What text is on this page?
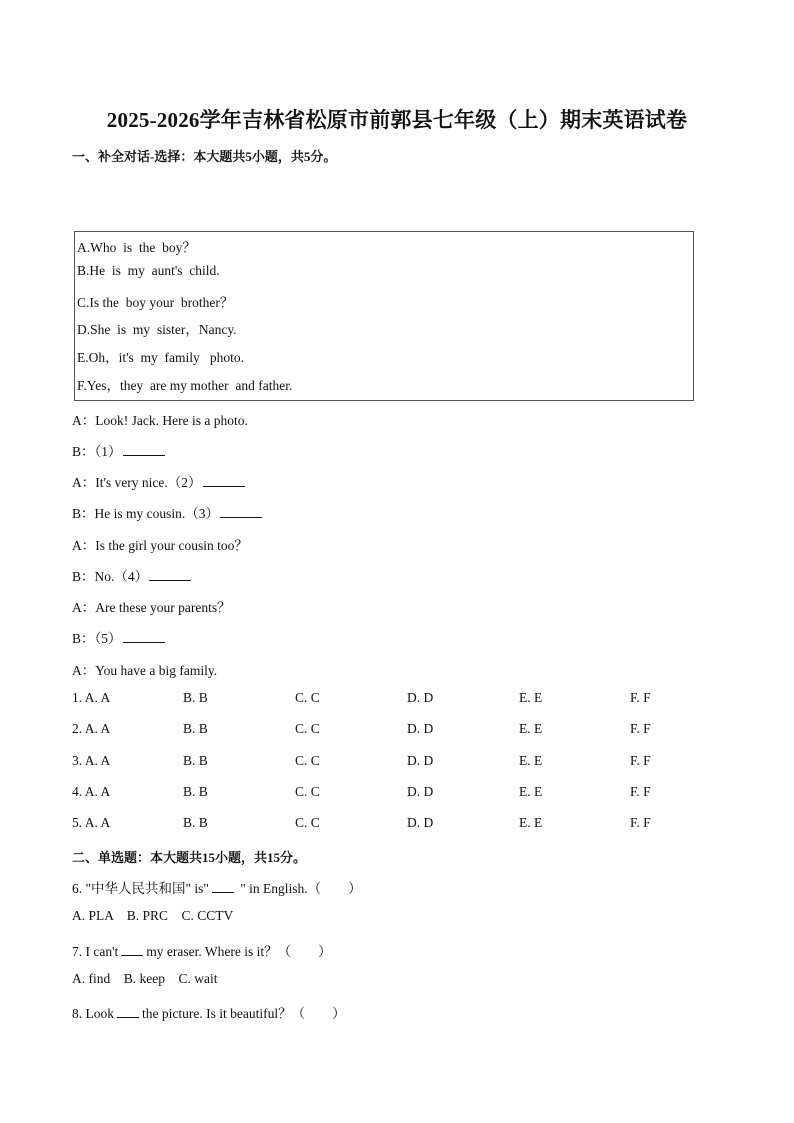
2025-2026学年吉林省松原市前郭县七年级（上）期末英语试卷
一、补全对话-选择：本大题共5小题，共5分。
A.Who  is  the  boy？
B.He  is  my  aunt's  child.
C.Is the  boy your  brother？
D.She  is  my  sister，Nancy.
E.Oh，it's  my  family   photo.
F.Yes，they  are my mother  and father.
A：Look! Jack. Here is a photo.
B：（1）
A：It's very nice.（2）
B：He is my cousin.（3）
A：Is the girl your cousin too？
B：No.（4）
A：Are these your parents？
B：（5）
A：You have a big family.
1. A. A	B. B	C. C	D. D	E. E	F. F
2. A. A	B. B	C. C	D. D	E. E	F. F
3. A. A	B. B	C. C	D. D	E. E	F. F
4. A. A	B. B	C. C	D. D	E. E	F. F
5. A. A	B. B	C. C	D. D	E. E	F. F
二、单选题：本大题共15小题，共15分。
6. "中华人民共和国" is" " in English.（　　）
A. PLA    B. PRC    C. CCTV
7. I can't my eraser. Where is it？（　　）
A. find    B. keep    C. wait
8. Look the picture. Is it beautiful？（　　）
